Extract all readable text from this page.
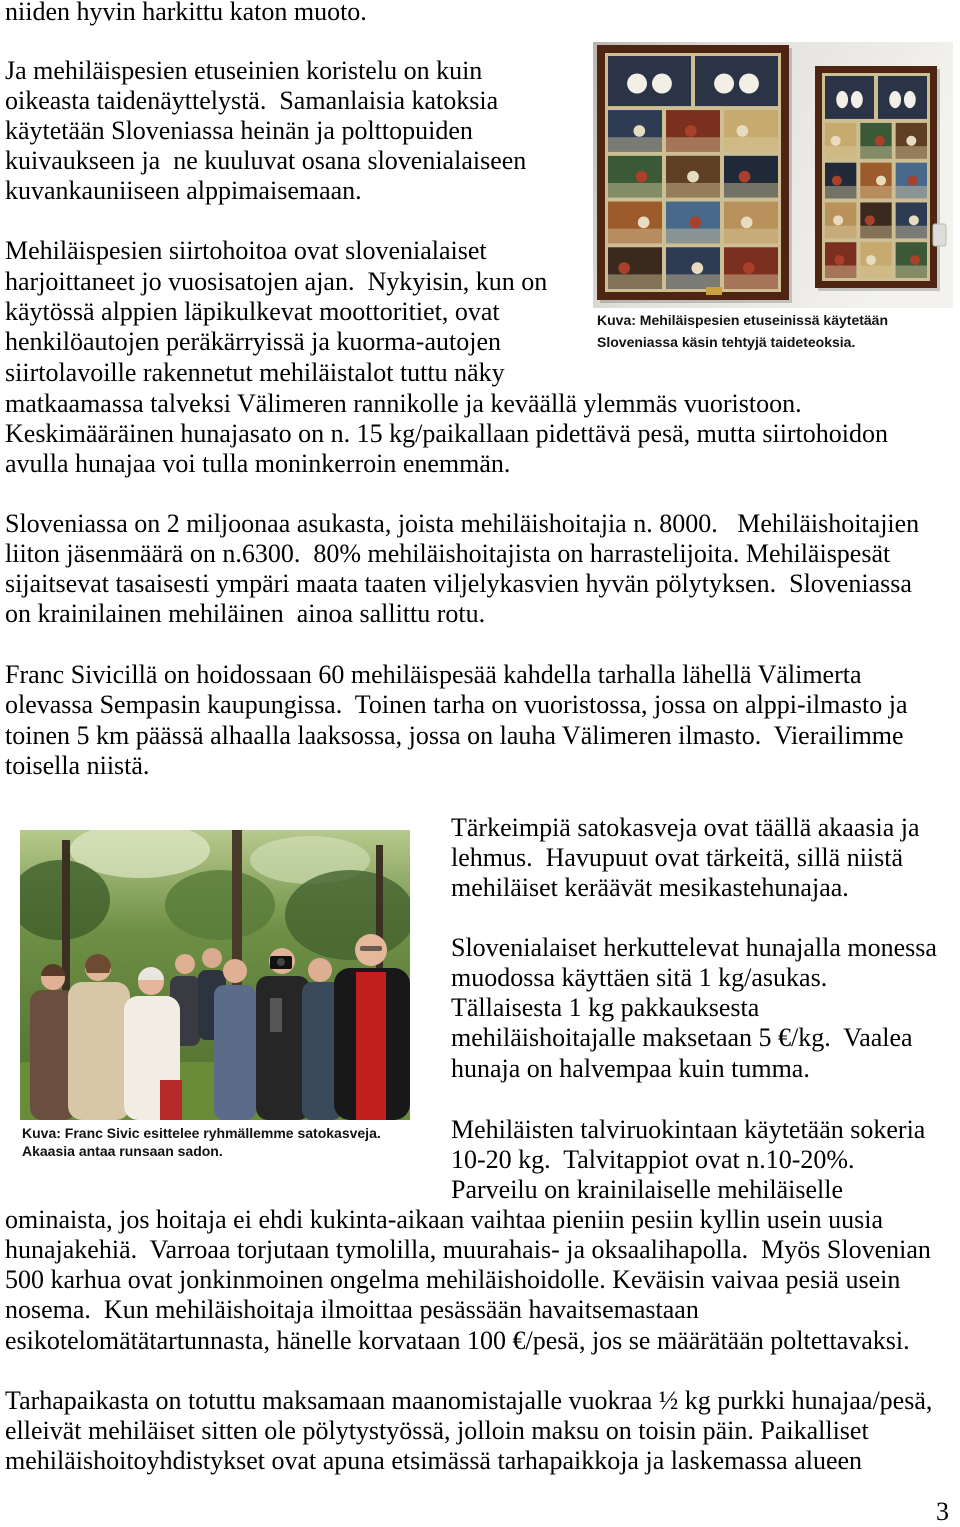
niiden hyvin harkittu katon muoto.
Ja mehiläispesien etuseinien koristelu on kuin
oikeasta taidenäyttelystä.  Samanlaisia katoksia
käytetään Sloveniassa heinän ja polttopuiden
kuivaukseen ja  ne kuuluvat osana slovenialaiseen
kuvankauniiseen alppimaisemaan.
Mehiläispesien siirtohoitoa ovat slovenialaiset
harjoittaneet jo vuosisatojen ajan.  Nykyisin, kun on
käytössä alppien läpikulkevat moottoritiet, ovat
henkilöautojen peräkärryissä ja kuorma-autojen
siirtolavoille rakennetut mehiläistalot tuttu näky
matkaamassa talveksi Välimeren rannikolle ja keväällä ylemmäs vuoristoon.
Keskimääräinen hunajasato on n. 15 kg/paikallaan pidettävä pesä, mutta siirtohoidon
avulla hunajaa voi tulla moninkerroin enemmän.
Sloveniassa on 2 miljoonaa asukasta, joista mehiläishoitajia n. 8000.   Mehiläishoitajien
liiton jäsenmäärä on n.6300.  80% mehiläishoitajista on harrastelijoita. Mehiläispesät
sijaitsevat tasaisesti ympäri maata taaten viljelykasvien hyvän pölytyksen.  Sloveniassa
on krainilainen mehiläinen  ainoa sallittu rotu.
Franc Sivicillä on hoidossaan 60 mehiläispesää kahdella tarhalla lähellä Välimerta
olevassa Sempasin kaupungissa.  Toinen tarha on vuoristossa, jossa on alppi-ilmasto ja
toinen 5 km päässä alhaalla laaksossa, jossa on lauha Välimeren ilmasto.  Vierailimme
toisella niistä.
Tärkeimpiä satokasveja ovat täällä akaasia ja
lehmus.  Havupuut ovat tärkeitä, sillä niistä
mehiläiset keräävät mesikastehunajaa.
Slovenialaiset herkuttelevat hunajalla monessa
muodossa käyttäen sitä 1 kg/asukas.
Tällaisesta 1 kg pakkauksesta
mehiläishoitajalle maksetaan 5 €/kg.  Vaalea
hunaja on halvempaa kuin tumma.
Mehiläisten talviruokintaan käytetään sokeria
10-20 kg.  Talvitappiot ovat n.10-20%.
Parveilu on krainilaiselle mehiläiselle
ominaista, jos hoitaja ei ehdi kukinta-aikaan vaihtaa pieniin pesiin kyllin usein uusia
hunajakehiä.  Varroaa torjutaan tymolilla, muurahais- ja oksaalihapolla.  Myös Slovenian
500 karhua ovat jonkinmoinen ongelma mehiläishoidolle. Keväisin vaivaa pesiä usein
nosema.  Kun mehiläishoitaja ilmoittaa pesässään havaitsemastaan
esikotelomätätartunnasta, hänelle korvataan 100 €/pesä, jos se määrätään poltettavaksi.
Tarhapaikasta on totuttu maksamaan maanomistajalle vuokraa ½ kg purkki hunajaa/pesä,
elleivät mehiläiset sitten ole pölytystyössä, jolloin maksu on toisin päin. Paikalliset
mehiläishoitoyhdistykset ovat apuna etsimässä tarhapaikkoja ja laskemassa alueen
Kuva: Mehiläispesien etuseinissä käytetään
Sloveniassa käsin tehtyjä taideteoksia.
Kuva: Franc Sivic esittelee ryhmällemme satokasveja.
Akaasia antaa runsaan sadon.
3
